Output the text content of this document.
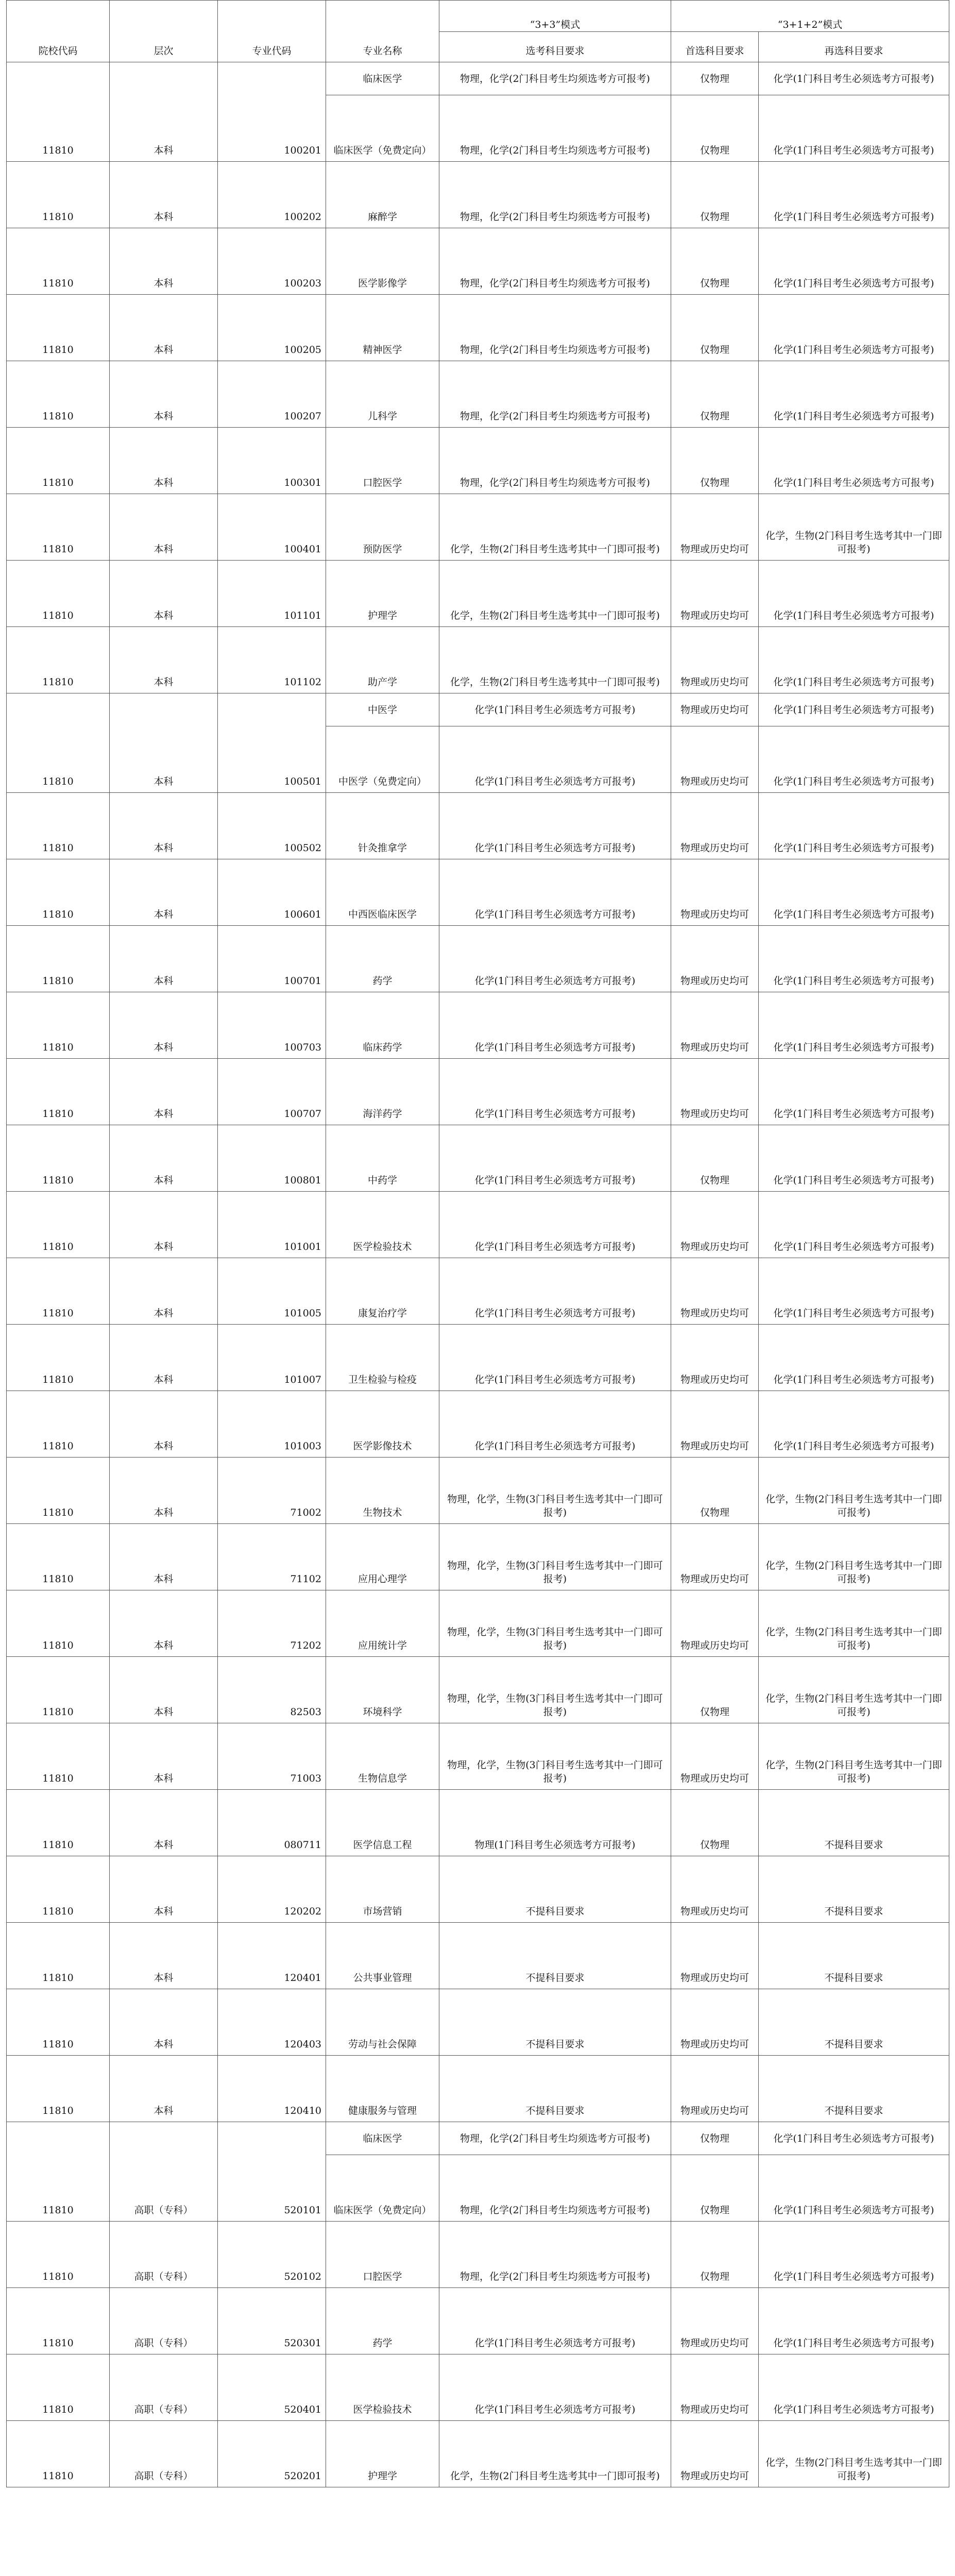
院校代码	层次	专业代码	专业名称	“3+3”模式	“3+1+2”模式	
				选考科目要求	首选科目要求	再选科目要求
11810	本科	100201	临床医学	物理，化学(2门科目考生均须选考方可报考)	仅物理	化学(1门科目考生必须选考方可报考)
			临床医学（免费定向）	物理，化学(2门科目考生均须选考方可报考)	仅物理	化学(1门科目考生必须选考方可报考)
11810	本科	100202	麻醉学	物理，化学(2门科目考生均须选考方可报考)	仅物理	化学(1门科目考生必须选考方可报考)
11810	本科	100203	医学影像学	物理，化学(2门科目考生均须选考方可报考)	仅物理	化学(1门科目考生必须选考方可报考)
11810	本科	100205	精神医学	物理，化学(2门科目考生均须选考方可报考)	仅物理	化学(1门科目考生必须选考方可报考)
11810	本科	100207	儿科学	物理，化学(2门科目考生均须选考方可报考)	仅物理	化学(1门科目考生必须选考方可报考)
11810	本科	100301	口腔医学	物理，化学(2门科目考生均须选考方可报考)	仅物理	化学(1门科目考生必须选考方可报考)
11810	本科	100401	预防医学	化学，生物(2门科目考生选考其中一门即可报考)	物理或历史均可	化学，生物(2门科目考生选考其中一门即可报考)
11810	本科	101101	护理学	化学，生物(2门科目考生选考其中一门即可报考)	物理或历史均可	化学(1门科目考生必须选考方可报考)
11810	本科	101102	助产学	化学，生物(2门科目考生选考其中一门即可报考)	物理或历史均可	化学(1门科目考生必须选考方可报考)
11810	本科	100501	中医学	化学(1门科目考生必须选考方可报考)	物理或历史均可	化学(1门科目考生必须选考方可报考)
			中医学（免费定向）	化学(1门科目考生必须选考方可报考)	物理或历史均可	化学(1门科目考生必须选考方可报考)
11810	本科	100502	针灸推拿学	化学(1门科目考生必须选考方可报考)	物理或历史均可	化学(1门科目考生必须选考方可报考)
11810	本科	100601	中西医临床医学	化学(1门科目考生必须选考方可报考)	物理或历史均可	化学(1门科目考生必须选考方可报考)
11810	本科	100701	药学	化学(1门科目考生必须选考方可报考)	物理或历史均可	化学(1门科目考生必须选考方可报考)
11810	本科	100703	临床药学	化学(1门科目考生必须选考方可报考)	物理或历史均可	化学(1门科目考生必须选考方可报考)
11810	本科	100707	海洋药学	化学(1门科目考生必须选考方可报考)	物理或历史均可	化学(1门科目考生必须选考方可报考)
11810	本科	100801	中药学	化学(1门科目考生必须选考方可报考)	仅物理	化学(1门科目考生必须选考方可报考)
11810	本科	101001	医学检验技术	化学(1门科目考生必须选考方可报考)	物理或历史均可	化学(1门科目考生必须选考方可报考)
11810	本科	101005	康复治疗学	化学(1门科目考生必须选考方可报考)	物理或历史均可	化学(1门科目考生必须选考方可报考)
11810	本科	101007	卫生检验与检疫	化学(1门科目考生必须选考方可报考)	物理或历史均可	化学(1门科目考生必须选考方可报考)
11810	本科	101003	医学影像技术	化学(1门科目考生必须选考方可报考)	物理或历史均可	化学(1门科目考生必须选考方可报考)
11810	本科	71002	生物技术	物理，化学，生物(3门科目考生选考其中一门即可报考)	仅物理	化学，生物(2门科目考生选考其中一门即可报考)
11810	本科	71102	应用心理学	物理，化学，生物(3门科目考生选考其中一门即可报考)	物理或历史均可	化学，生物(2门科目考生选考其中一门即可报考)
11810	本科	71202	应用统计学	物理，化学，生物(3门科目考生选考其中一门即可报考)	物理或历史均可	化学，生物(2门科目考生选考其中一门即可报考)
11810	本科	82503	环境科学	物理，化学，生物(3门科目考生选考其中一门即可报考)	仅物理	化学，生物(2门科目考生选考其中一门即可报考)
11810	本科	71003	生物信息学	物理，化学，生物(3门科目考生选考其中一门即可报考)	物理或历史均可	化学，生物(2门科目考生选考其中一门即可报考)
11810	本科	080711	医学信息工程	物理(1门科目考生必须选考方可报考)	仅物理	不提科目要求
11810	本科	120202	市场营销	不提科目要求	物理或历史均可	不提科目要求
11810	本科	120401	公共事业管理	不提科目要求	物理或历史均可	不提科目要求
11810	本科	120403	劳动与社会保障	不提科目要求	物理或历史均可	不提科目要求
11810	本科	120410	健康服务与管理	不提科目要求	物理或历史均可	不提科目要求
11810	高职（专科）	520101	临床医学	物理，化学(2门科目考生均须选考方可报考)	仅物理	化学(1门科目考生必须选考方可报考)
			临床医学（免费定向）	物理，化学(2门科目考生均须选考方可报考)	仅物理	化学(1门科目考生必须选考方可报考)
11810	高职（专科）	520102	口腔医学	物理，化学(2门科目考生均须选考方可报考)	仅物理	化学(1门科目考生必须选考方可报考)
11810	高职（专科）	520301	药学	化学(1门科目考生必须选考方可报考)	物理或历史均可	化学(1门科目考生必须选考方可报考)
11810	高职（专科）	520401	医学检验技术	化学(1门科目考生必须选考方可报考)	物理或历史均可	化学(1门科目考生必须选考方可报考)
11810	高职（专科）	520201	护理学	化学，生物(2门科目考生选考其中一门即可报考)	物理或历史均可	化学，生物(2门科目考生选考其中一门即可报考)
